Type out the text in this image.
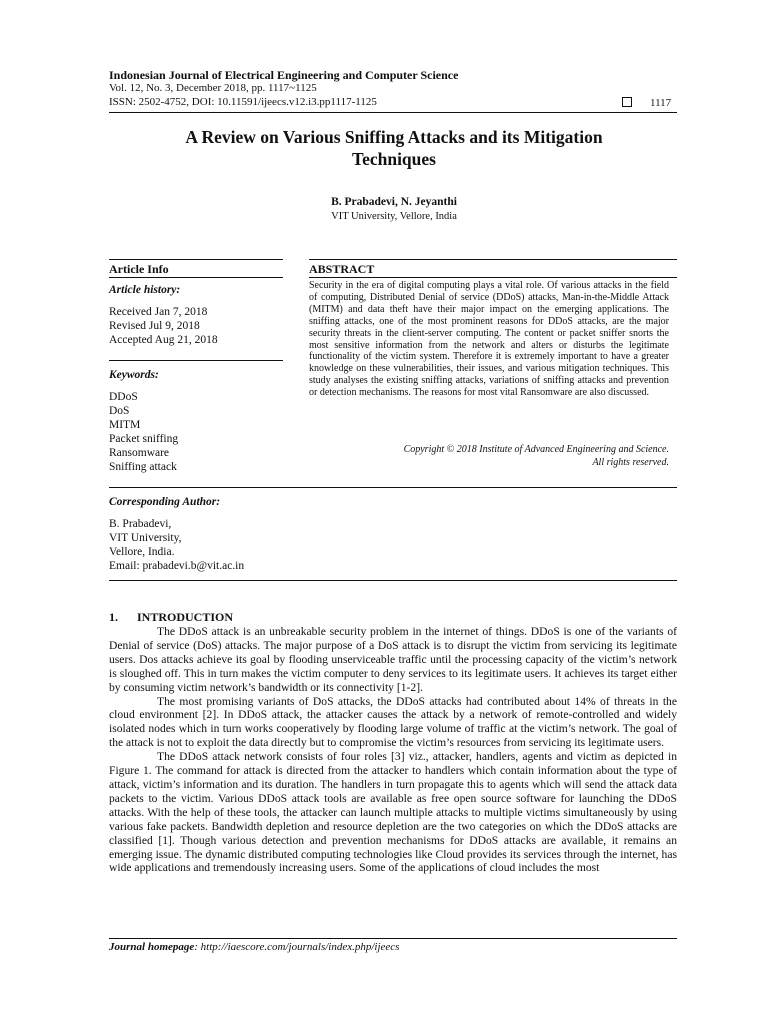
Indonesian Journal of Electrical Engineering and Computer Science
Vol. 12, No. 3, December 2018, pp. 1117~1125
ISSN: 2502-4752, DOI: 10.11591/ijeecs.v12.i3.pp1117-1125	1117
A Review on Various Sniffing Attacks and its Mitigation
Techniques
B. Prabadevi, N. Jeyanthi
VIT University, Vellore, India
Article Info
Article history:
Received Jan 7, 2018
Revised Jul 9, 2018
Accepted Aug 21, 2018
Keywords:
DDoS
DoS
MITM
Packet sniffing
Ransomware
Sniffing attack
Corresponding Author:
B. Prabadevi,
VIT University,
Vellore, India.
Email: prabadevi.b@vit.ac.in
ABSTRACT
Security in the era of digital computing plays a vital role. Of various attacks in the field of computing, Distributed Denial of service (DDoS) attacks, Man-in-the-Middle Attack (MITM) and data theft have their major impact on the emerging applications. The sniffing attacks, one of the most prominent reasons for DDoS attacks, are the major security threats in the client-server computing. The content or packet sniffer snorts the most sensitive information from the network and alters or disturbs the legitimate functionality of the victim system. Therefore it is extremely important to have a greater knowledge on these vulnerabilities, their issues, and various mitigation techniques. This study analyses the existing sniffing attacks, variations of sniffing attacks and prevention or detection mechanisms. The reasons for most vital Ransomware are also discussed.
Copyright © 2018 Institute of Advanced Engineering and Science.
All rights reserved.
1. INTRODUCTION

The DDoS attack is an unbreakable security problem in the internet of things. DDoS is one of the variants of Denial of service (DoS) attacks. The major purpose of a DoS attack is to disrupt the victim from servicing its legitimate users. Dos attacks achieve its goal by flooding unserviceable traffic until the processing capacity of the victim’s network is sloughed off. This in turn makes the victim computer to deny services to its legitimate users. It achieves its target either by consuming victim network’s bandwidth or its connectivity [1-2].

The most promising variants of DoS attacks, the DDoS attacks had contributed about 14% of threats in the cloud environment [2]. In DDoS attack, the attacker causes the attack by a network of remote-controlled and widely isolated nodes which in turn works cooperatively by flooding large volume of traffic at the victim’s network. The goal of the attack is not to exploit the data directly but to compromise the victim’s resources from servicing its legitimate users.

The DDoS attack network consists of four roles [3] viz., attacker, handlers, agents and victim as depicted in Figure 1. The command for attack is directed from the attacker to handlers which contain information about the type of attack, victim’s information and its duration. The handlers in turn propagate this to agents which will send the attack data packets to the victim. Various DDoS attack tools are available as free open source software for launching the DDoS attacks. With the help of these tools, the attacker can launch multiple attacks to multiple victims simultaneously by using various fake packets. Bandwidth depletion and resource depletion are the two categories on which the DDoS attacks are classified [1]. Though various detection and prevention mechanisms for DDoS attacks are available, it remains an emerging issue. The dynamic distributed computing technologies like Cloud provides its services through the internet, has wide applications and tremendously increasing users. Some of the applications of cloud includes the most

Journal homepage: http://iaescore.com/journals/index.php/ijeecs
